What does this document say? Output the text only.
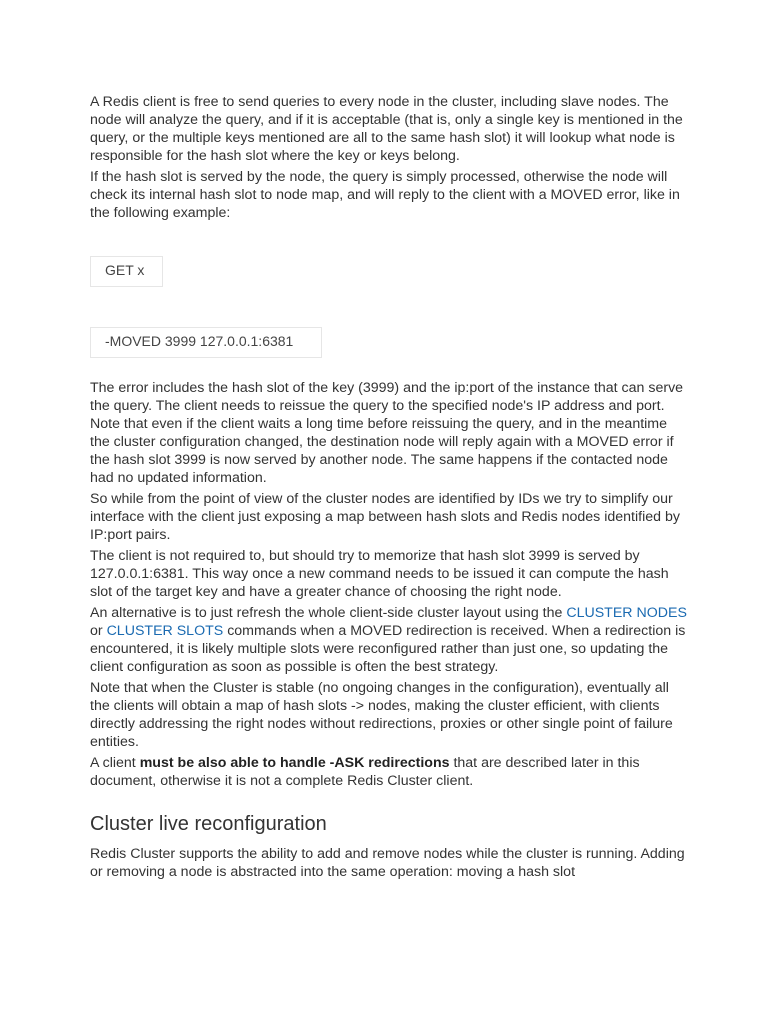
A Redis client is free to send queries to every node in the cluster, including slave nodes. The node will analyze the query, and if it is acceptable (that is, only a single key is mentioned in the query, or the multiple keys mentioned are all to the same hash slot) it will lookup what node is responsible for the hash slot where the key or keys belong.

If the hash slot is served by the node, the query is simply processed, otherwise the node will check its internal hash slot to node map, and will reply to the client with a MOVED error, like in the following example:

GET x
-MOVED 3999 127.0.0.1:6381

The error includes the hash slot of the key (3999) and the ip:port of the instance that can serve the query. The client needs to reissue the query to the specified node's IP address and port. Note that even if the client waits a long time before reissuing the query, and in the meantime the cluster configuration changed, the destination node will reply again with a MOVED error if the hash slot 3999 is now served by another node. The same happens if the contacted node had no updated information.

So while from the point of view of the cluster nodes are identified by IDs we try to simplify our interface with the client just exposing a map between hash slots and Redis nodes identified by IP:port pairs.

The client is not required to, but should try to memorize that hash slot 3999 is served by 127.0.0.1:6381. This way once a new command needs to be issued it can compute the hash slot of the target key and have a greater chance of choosing the right node.

An alternative is to just refresh the whole client-side cluster layout using the CLUSTER NODES or CLUSTER SLOTS commands when a MOVED redirection is received. When a redirection is encountered, it is likely multiple slots were reconfigured rather than just one, so updating the client configuration as soon as possible is often the best strategy.

Note that when the Cluster is stable (no ongoing changes in the configuration), eventually all the clients will obtain a map of hash slots -> nodes, making the cluster efficient, with clients directly addressing the right nodes without redirections, proxies or other single point of failure entities.

A client must be also able to handle -ASK redirections that are described later in this document, otherwise it is not a complete Redis Cluster client.

Cluster live reconfiguration

Redis Cluster supports the ability to add and remove nodes while the cluster is running. Adding or removing a node is abstracted into the same operation: moving a hash slot
